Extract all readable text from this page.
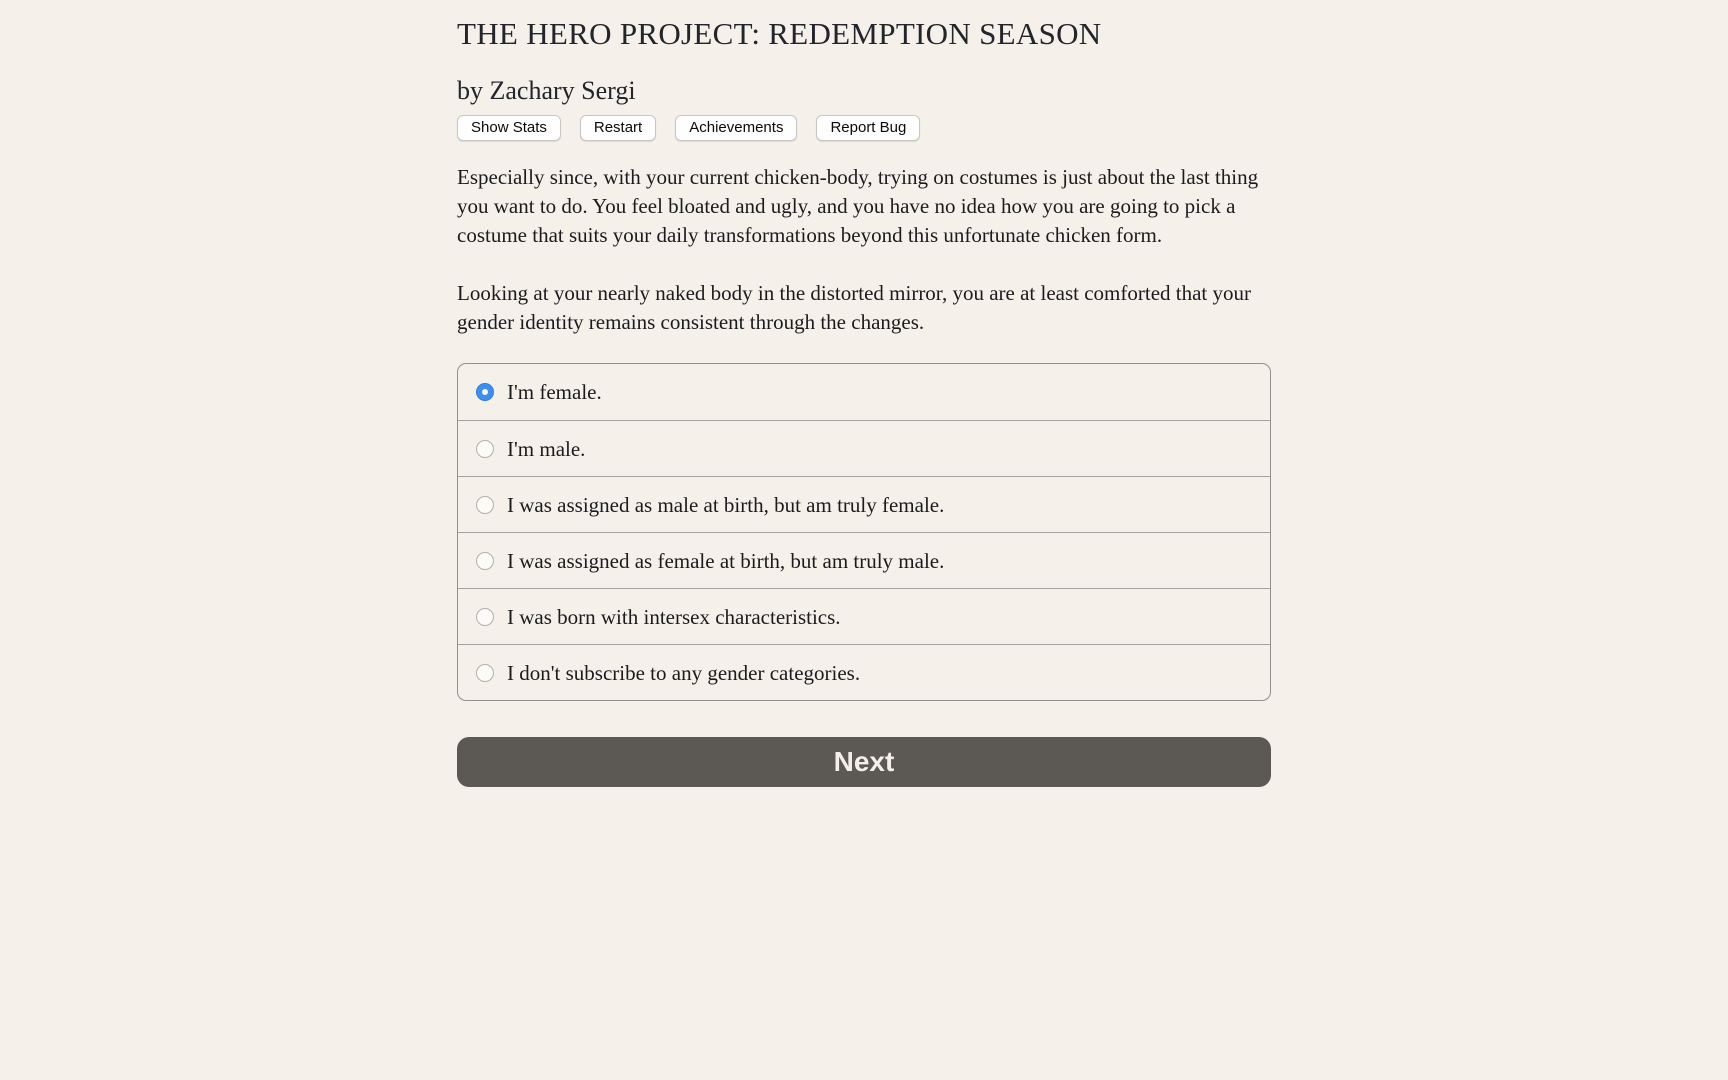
THE HERO PROJECT: REDEMPTION SEASON
by Zachary Sergi
Show Stats	Restart	Achievements	Report Bug

Especially since, with your current chicken-body, trying on costumes is just about the last thing you want to do. You feel bloated and ugly, and you have no idea how you are going to pick a costume that suits your daily transformations beyond this unfortunate chicken form.

Looking at your nearly naked body in the distorted mirror, you are at least comforted that your gender identity remains consistent through the changes.

I'm female.
I'm male.
I was assigned as male at birth, but am truly female.
I was assigned as female at birth, but am truly male.
I was born with intersex characteristics.
I don't subscribe to any gender categories.
Next
